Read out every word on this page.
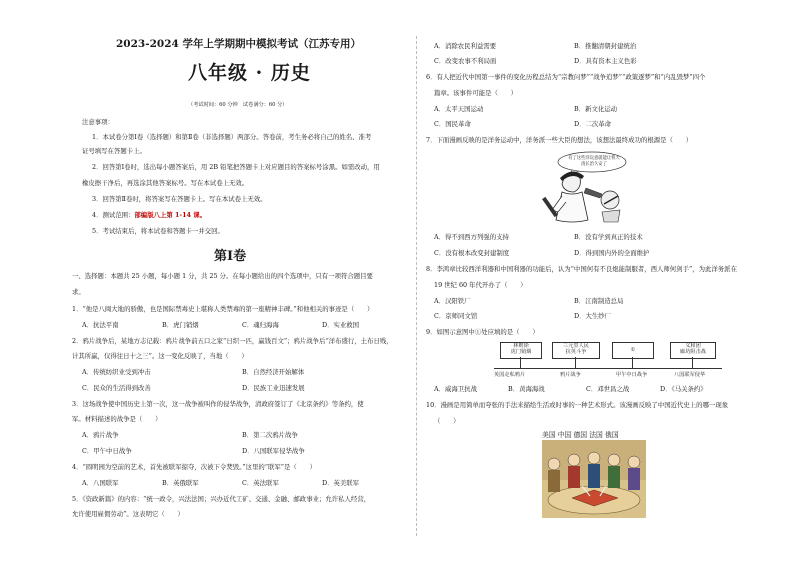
2023-2024 学年上学期期中模拟考试（江苏专用）
八年级 · 历史
（考试时间：60 分钟　试卷满分：60 分）
注意事项：
1．本试卷分第Ⅰ卷（选择题）和第Ⅱ卷（非选择题）两部分。答卷前，考生务必将自己的姓名、准考
证号填写在答题卡上。
2．回答第Ⅰ卷时，选出每小题答案后，用 2B 铅笔把答题卡上对应题目的答案标号涂黑。如需改动，用
橡皮擦干净后，再选涂其他答案标号。写在本试卷上无效。
3．回答第Ⅱ卷时，将答案写在答题卡上。写在本试卷上无效。
4．测试范围：部编版八上第 1-14 课。
5．考试结束后，将本试卷和答题卡一并交回。
第Ⅰ卷
一、选择题：本题共 25 小题，每小题 1 分，共 25 分。在每小题给出的四个选项中，只有一项符合题目要
求。
1．“他是八闽大地的骄傲，也是国际禁毒史上堪称人类禁毒的第一座精神丰碑。”和他相关的事迹是（　　）
A．抗法平南	B．虎门销烟	C．魂归海海	D．实业救国
2．鸦片战争后，某地方志记载：鸦片战争前五口之家“日织一匹，赢钱百文”；鸦片战争后“洋布盛行，土布日贱，
计其所赢，仅得往日十之三”。这一变化反映了，当地（　　）
A．传统纺织业受到冲击	B．自然经济开始解体
C．民众的生活得到改善	D．民族工业迅速发展
3．这场战争使中国历史上第一次，这一战争被叫作的侵华战争，清政府签订了《北京条约》等条约，使
军。材料描述的战争是（　　）
A．鸦片战争	B．第二次鸦片战争
C．甲午中日战争	D．八国联军侵华战争
4．“圆明园为空前的艺术，首先被联军掠夺，次被下令焚毁。”这里的“联军”是（　　）
A．八国联军	B．英俄联军	C．英法联军	D．英美联军
5．《资政新篇》的内容：“统一政令，兴法法国；兴办近代工矿、交通、金融、邮政事业；允许私人经营，
允许使用雇佣劳动”。这表明它（　　）
A．消除农民利益需要	B．推翻清朝封建统治
C．改变农事不利局面	D．具有资本主义色彩
6．有人把近代中国第一事件的变化历程总结为“宗教问梦”“战争追梦”“政策逐梦”和“内乱毁梦”四个
篇章。该事件可能是（　　）
A．太平天国运动	B．新文化运动
C．国民革命	D．二次革命
7．下面漫画反映的是洋务运动中，洋务派一些大臣的想法，该想法最终成功的根源是（　　）
有了这些洋玩意就能让我大清长治久安了
A．得不到西方列强的支持	B．没有学到真正的技术
C．没有根本改变封建制度	D．得到国内外的全面维护
8．李鸿章比较西洋利器和中国利器的功能后，认为“中国何有不良炮能制服者，西人师何剑手”，为此洋务派在
19 世纪 60 年代开办了（　　）
A．汉阳铁厂	B．江南制造总局
C．京师同文馆	D．大生纱厂
9．如图示意图中①处应填的是（　　）
林则徐
虎门销烟
三元里人民
抗英斗争	①
义和团
廊坊阻击战
英国走私鸦片	鸦片战争	甲午中日战争	八国联军侵华
A．威海卫抗战	B．黄海海战	C．邓世昌之战	D．《马关条约》
10．漫画是用简单而夸张的手法来描绘生活或时事的一种艺术形式。该漫画反映了中国近代史上的哪一现象
（　　）
美国 中国 德国 法国 俄国
